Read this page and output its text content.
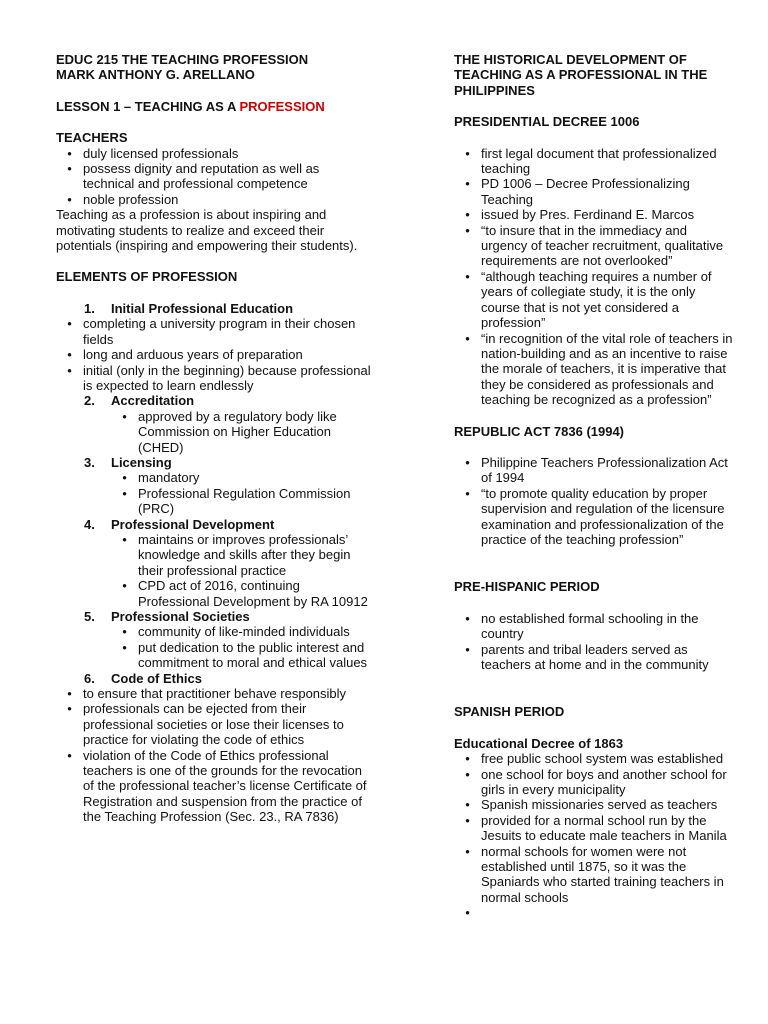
EDUC 215 THE TEACHING PROFESSION

MARK ANTHONY G. ARELLANO

LESSON 1 – TEACHING AS A PROFESSION

TEACHERS

• duly licensed professionals
• possess dignity and reputation as well as technical and professional competence
• noble profession

Teaching as a profession is about inspiring and motivating students to realize and exceed their potentials (inspiring and empowering their students).

ELEMENTS OF PROFESSION

1. Initial Professional Education
• completing a university program in their chosen fields
• long and arduous years of preparation
• initial (only in the beginning) because professional is expected to learn endlessly
2. Accreditation
• approved by a regulatory body like Commission on Higher Education (CHED)
3. Licensing
• mandatory
• Professional Regulation Commission (PRC)
4. Professional Development
• maintains or improves professionals’ knowledge and skills after they begin their professional practice
• CPD act of 2016, continuing Professional Development by RA 10912
5. Professional Societies
• community of like-minded individuals
• put dedication to the public interest and commitment to moral and ethical values
6. Code of Ethics
• to ensure that practitioner behave responsibly
• professionals can be ejected from their professional societies or lose their licenses to practice for violating the code of ethics
• violation of the Code of Ethics professional teachers is one of the grounds for the revocation of the professional teacher’s license Certificate of Registration and suspension from the practice of the Teaching Profession (Sec. 23., RA 7836)

THE HISTORICAL DEVELOPMENT OF TEACHING AS A PROFESSIONAL IN THE PHILIPPINES

PRESIDENTIAL DECREE 1006

• first legal document that professionalized teaching
• PD 1006 – Decree Professionalizing Teaching
• issued by Pres. Ferdinand E. Marcos
• “to insure that in the immediacy and urgency of teacher recruitment, qualitative requirements are not overlooked”
• “although teaching requires a number of years of collegiate study, it is the only course that is not yet considered a profession”
• “in recognition of the vital role of teachers in nation-building and as an incentive to raise the morale of teachers, it is imperative that they be considered as professionals and teaching be recognized as a profession”

REPUBLIC ACT 7836 (1994)

• Philippine Teachers Professionalization Act of 1994
• “to promote quality education by proper supervision and regulation of the licensure examination and professionalization of the practice of the teaching profession”

PRE-HISPANIC PERIOD

• no established formal schooling in the country
• parents and tribal leaders served as teachers at home and in the community

SPANISH PERIOD

Educational Decree of 1863

• free public school system was established
• one school for boys and another school for girls in every municipality
• Spanish missionaries served as teachers
• provided for a normal school run by the Jesuits to educate male teachers in Manila
• normal schools for women were not established until 1875, so it was the Spaniards who started training teachers in normal schools
•
